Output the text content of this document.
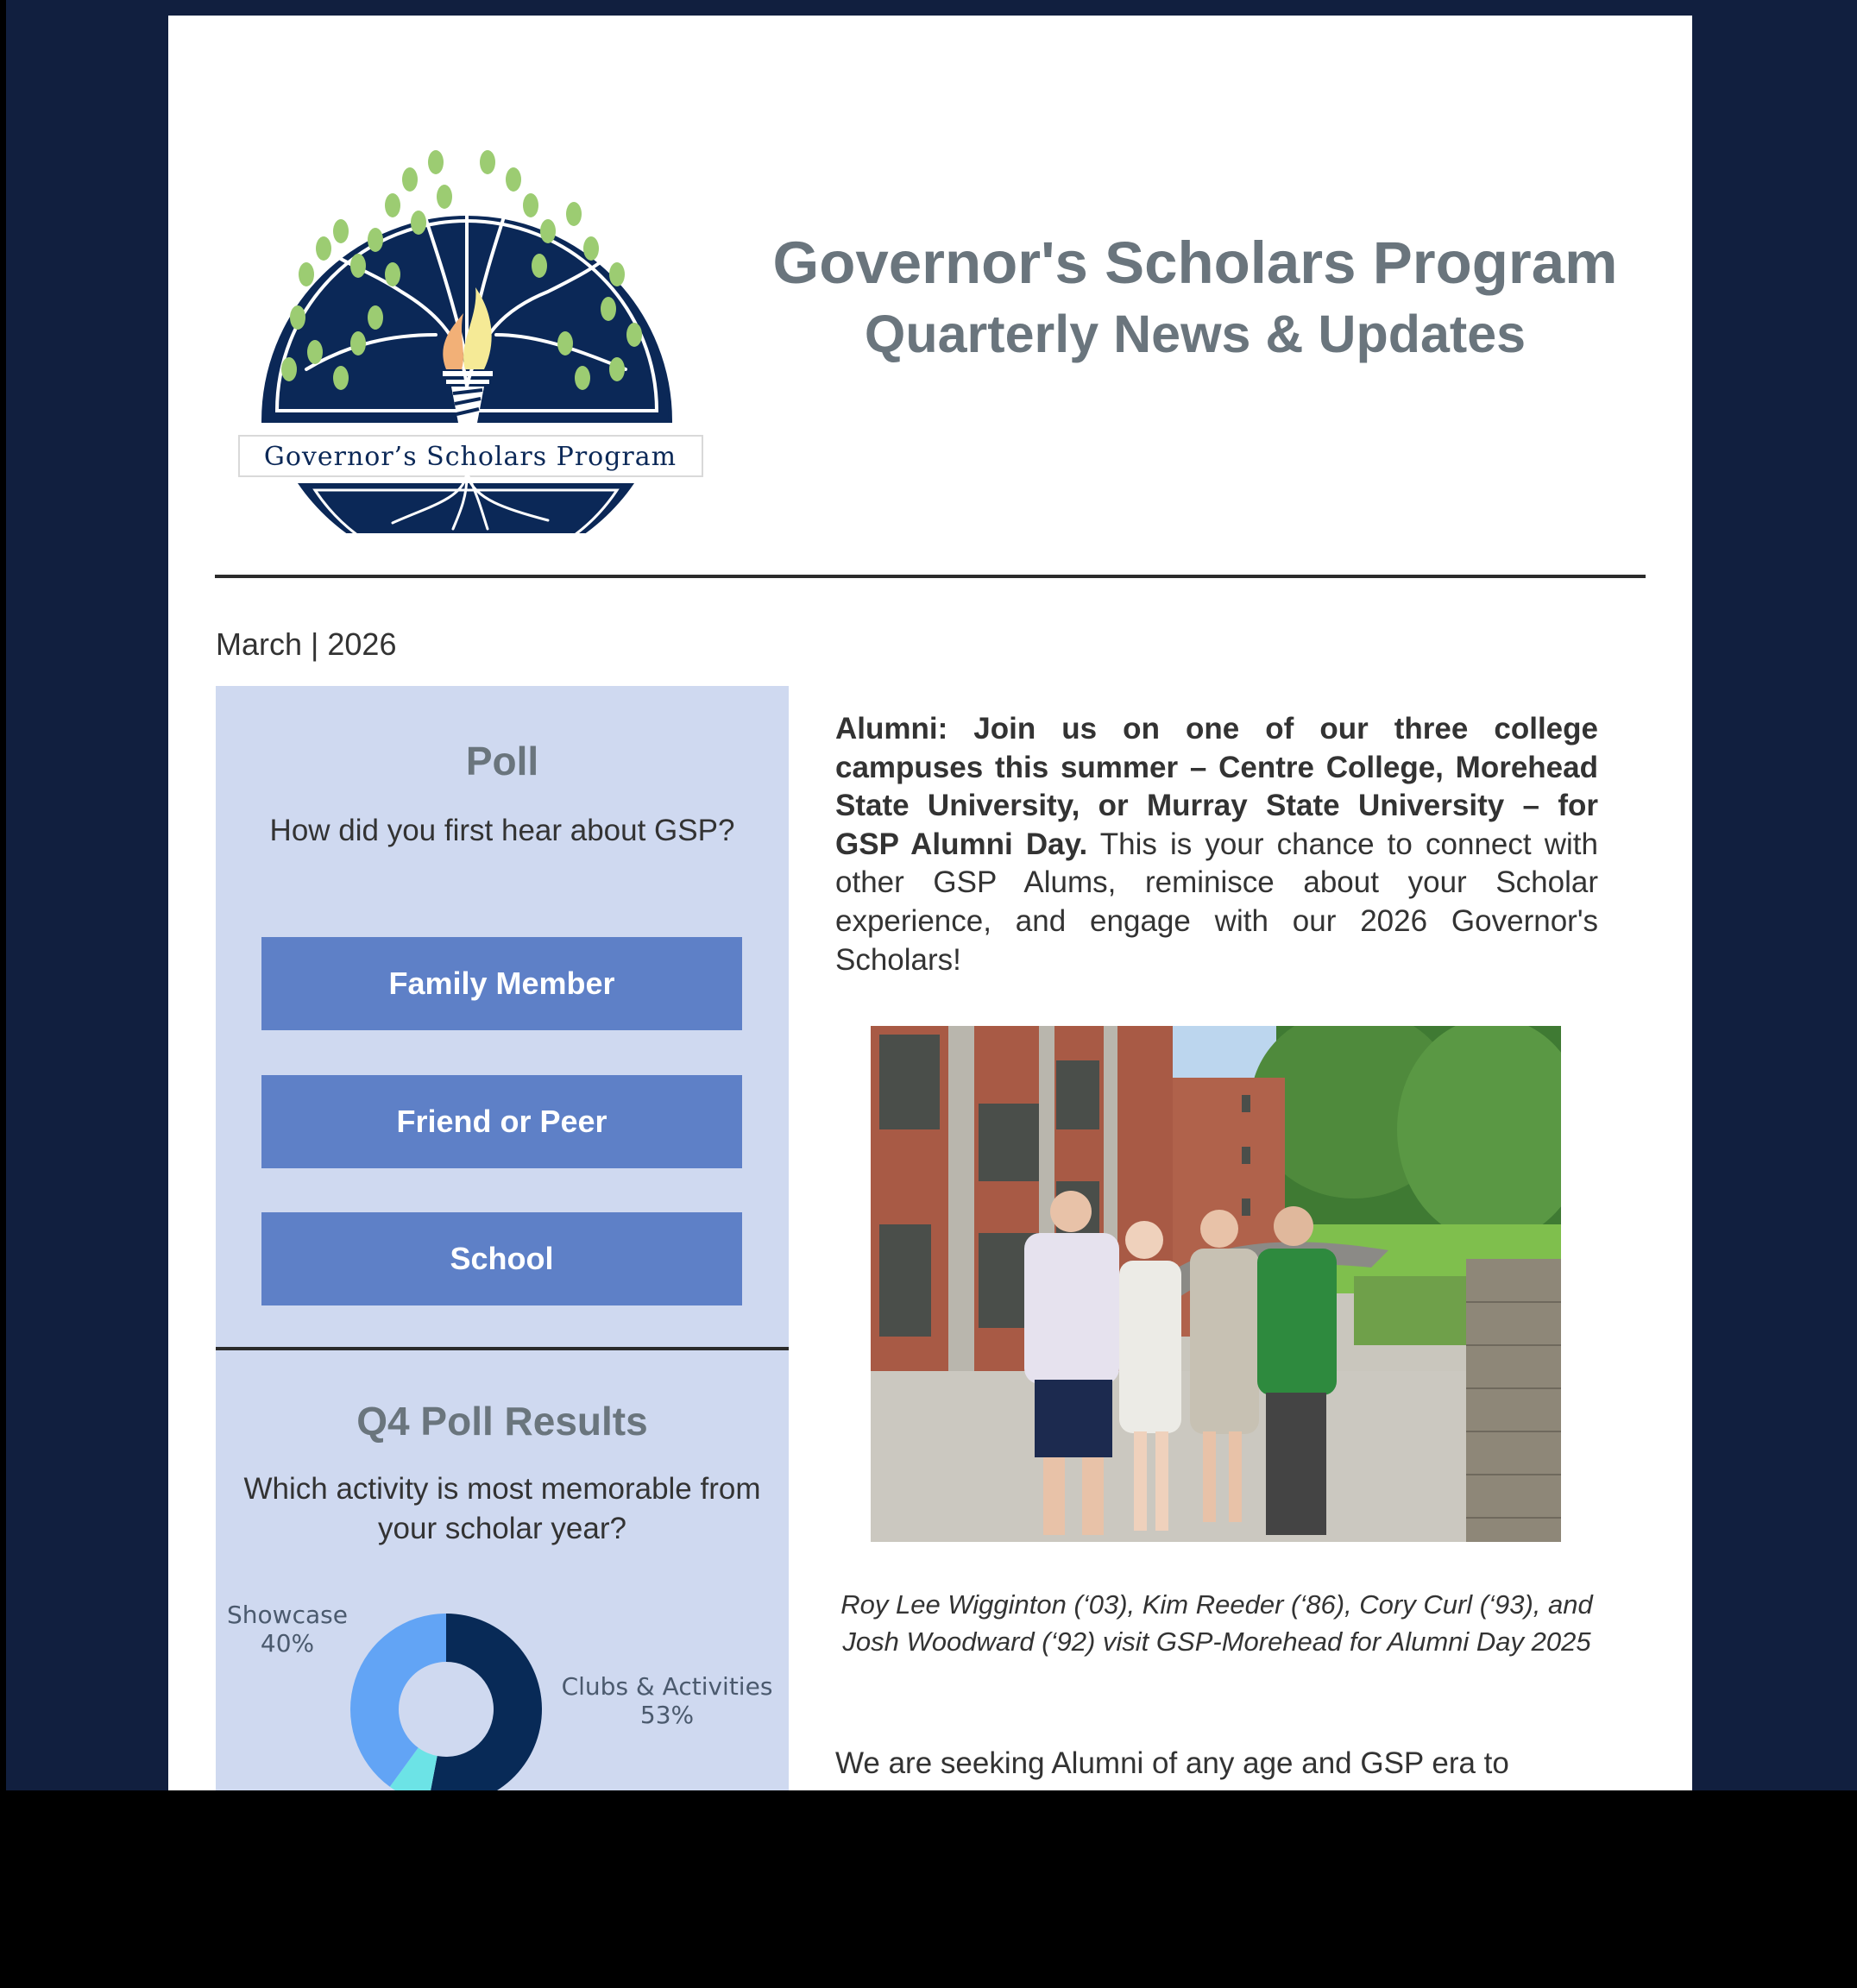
Governor’s Scholars Program
Governor's Scholars Program
Quarterly News & Updates
March | 2026
Poll
How did you first hear about GSP?
Family Member
Friend or Peer
School
Q4 Poll Results
Which activity is most memorable from your scholar year?
Showcase
40%
Clubs & Activities
53%
Alumni: Join us on one of our three college campuses this summer – Centre College, Morehead State University, or Murray State University – for GSP Alumni Day. This is your chance to connect with other GSP Alums, reminisce about your Scholar experience, and engage with our 2026 Governor's Scholars!
Roy Lee Wigginton (‘03), Kim Reeder (‘86), Cory Curl (‘93), and Josh Woodward (‘92) visit GSP-Morehead for Alumni Day 2025
We are seeking Alumni of any age and GSP era to
